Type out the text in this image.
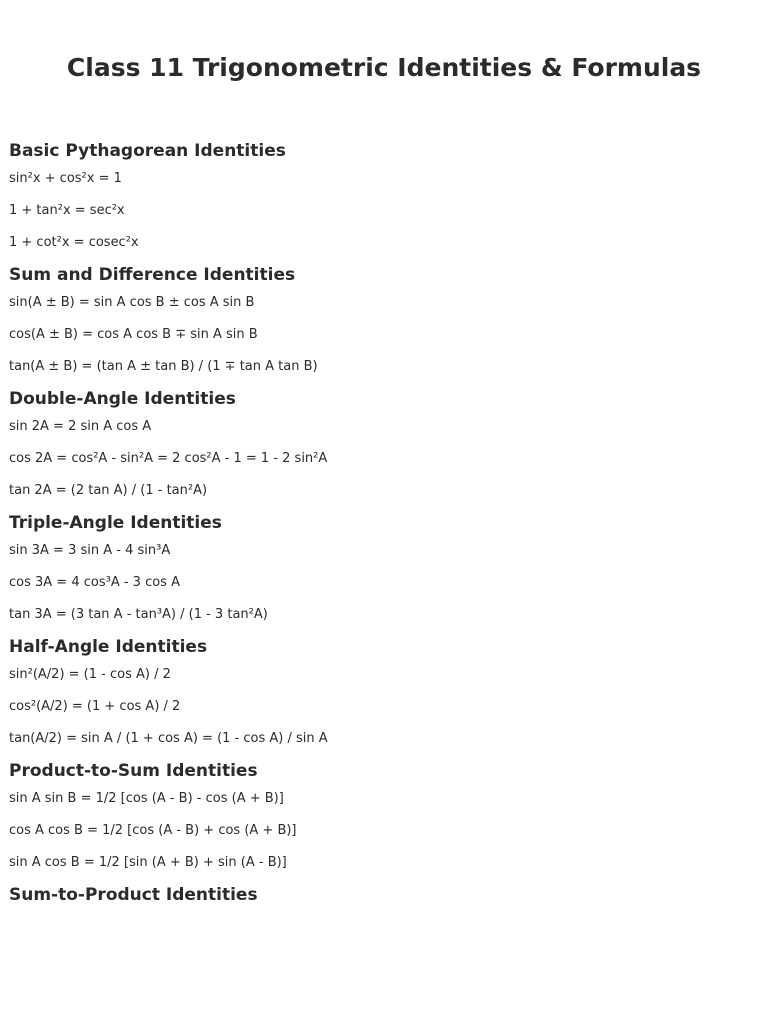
Class 11 Trigonometric Identities & Formulas
Basic Pythagorean Identities
sin²x + cos²x = 1
1 + tan²x = sec²x
1 + cot²x = cosec²x
Sum and Difference Identities
sin(A ± B) = sin A cos B ± cos A sin B
cos(A ± B) = cos A cos B ∓ sin A sin B
tan(A ± B) = (tan A ± tan B) / (1 ∓ tan A tan B)
Double-Angle Identities
sin 2A = 2 sin A cos A
cos 2A = cos²A - sin²A = 2 cos²A - 1 = 1 - 2 sin²A
tan 2A = (2 tan A) / (1 - tan²A)
Triple-Angle Identities
sin 3A = 3 sin A - 4 sin³A
cos 3A = 4 cos³A - 3 cos A
tan 3A = (3 tan A - tan³A) / (1 - 3 tan²A)
Half-Angle Identities
sin²(A/2) = (1 - cos A) / 2
cos²(A/2) = (1 + cos A) / 2
tan(A/2) = sin A / (1 + cos A) = (1 - cos A) / sin A
Product-to-Sum Identities
sin A sin B = 1/2 [cos (A - B) - cos (A + B)]
cos A cos B = 1/2 [cos (A - B) + cos (A + B)]
sin A cos B = 1/2 [sin (A + B) + sin (A - B)]
Sum-to-Product Identities
